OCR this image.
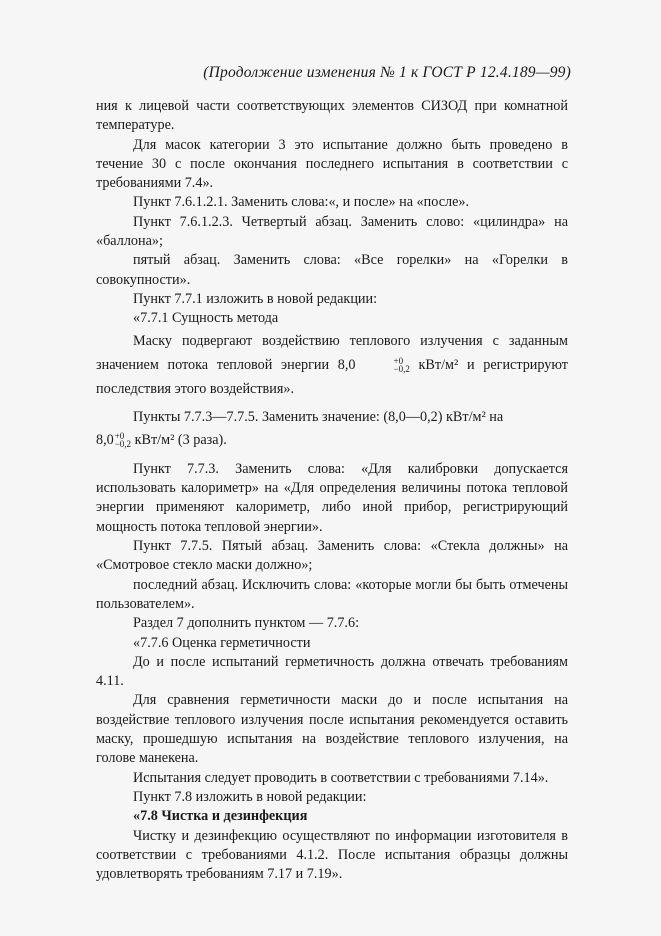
(Продолжение изменения № 1 к ГОСТ Р 12.4.189—99)

ния к лицевой части соответствующих элементов СИЗОД при комнатной температуре.

Для масок категории 3 это испытание должно быть проведено в течение 30 с после окончания последнего испытания в соответствии с требованиями 7.4».

Пункт 7.6.1.2.1. Заменить слова:«, и после» на «после».

Пункт 7.6.1.2.3. Четвертый абзац. Заменить слово: «цилиндра» на «баллона»;

пятый абзац. Заменить слова: «Все горелки» на «Горелки в совокупности».

Пункт 7.7.1 изложить в новой редакции:

«7.7.1 Сущность метода

Маску подвергают воздействию теплового излучения с заданным значением потока тепловой энергии 8,0	+0
−0,2 кВт/м² и регистрируют последствия этого воздействия».

Пункты 7.7.3—7.7.5. Заменить значение: (8,0—0,2) кВт/м² на

8,0 +0
−0,2 кВт/м² (3 раза).

Пункт 7.7.3. Заменить слова: «Для калибровки допускается использовать калориметр» на «Для определения величины потока тепловой энергии применяют калориметр, либо иной прибор, регистрирующий мощность потока тепловой энергии».

Пункт 7.7.5. Пятый абзац. Заменить слова: «Стекла должны» на «Смотровое стекло маски должно»;

последний абзац. Исключить слова: «которые могли бы быть отмечены пользователем».

Раздел 7 дополнить пунктом — 7.7.6:

«7.7.6 Оценка герметичности

До и после испытаний герметичность должна отвечать требованиям 4.11.

Для сравнения герметичности маски до и после испытания на воздействие теплового излучения после испытания рекомендуется оставить маску, прошедшую испытания на воздействие теплового излучения, на голове манекена.

Испытания следует проводить в соответствии с требованиями 7.14».

Пункт 7.8 изложить в новой редакции:

«7.8 Чистка и дезинфекция

Чистку и дезинфекцию осуществляют по информации изготовителя в соответствии с требованиями 4.1.2. После испытания образцы должны удовлетворять требованиям 7.17 и 7.19».
